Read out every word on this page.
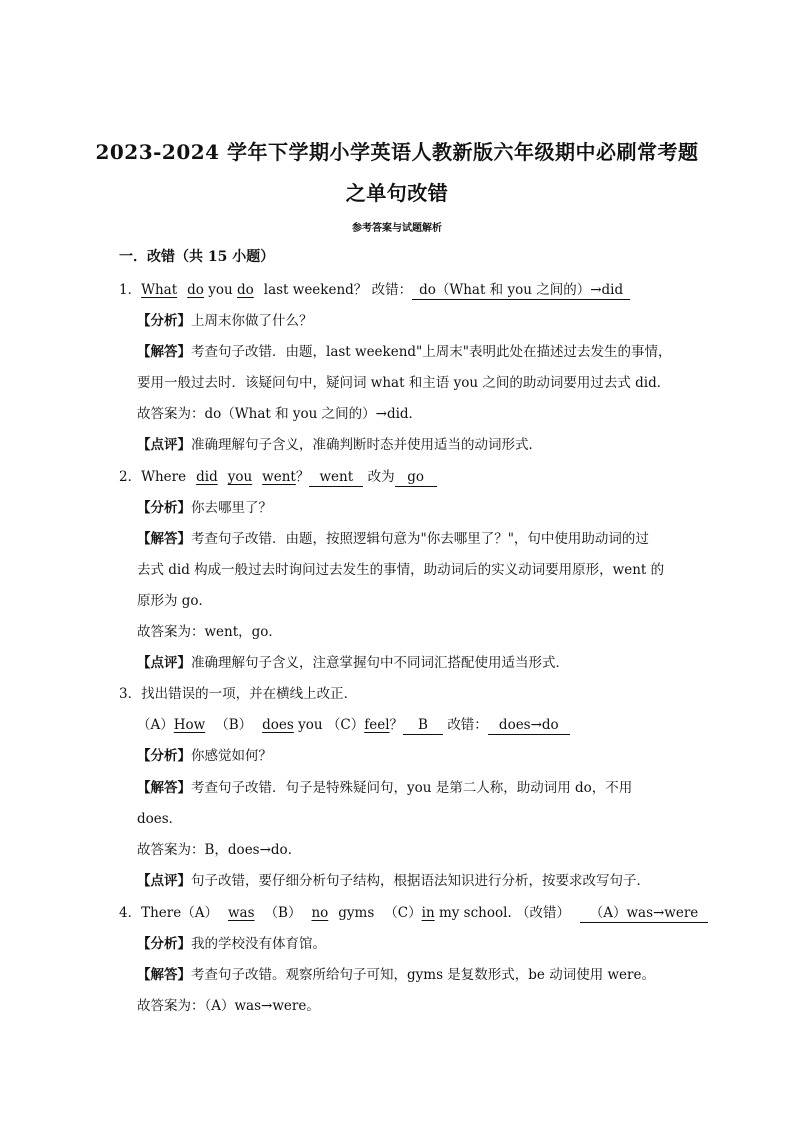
2023-2024 学年下学期小学英语人教新版六年级期中必刷常考题
之单句改错
参考答案与试题解析
一．改错（共 15 小题）
1．What do you do last weekend？ 改错： do（What 和 you 之间的）→did
【分析】上周末你做了什么？
【解答】考查句子改错．由题，last weekend"上周末"表明此处在描述过去发生的事情，
要用一般过去时．该疑问句中，疑问词 what 和主语 you 之间的助动词要用过去式 did．
故答案为：do（What 和 you 之间的）→did．
【点评】准确理解句子含义，准确判断时态并使用适当的动词形式．
2．Where did you went？ went 改为 go
【分析】你去哪里了？
【解答】考查句子改错．由题，按照逻辑句意为"你去哪里了？"，句中使用助动词的过
去式 did 构成一般过去时询问过去发生的事情，助动词后的实义动词要用原形，went 的
原形为 go．
故答案为：went，go．
【点评】准确理解句子含义，注意掌握句中不同词汇搭配使用适当形式．
3．找出错误的一项，并在横线上改正．
（A）How （B） does you （C）feel？ B 改错： does→do
【分析】你感觉如何？
【解答】考查句子改错．句子是特殊疑问句，you 是第二人称，助动词用 do，不用
does．
故答案为：B，does→do．
【点评】句子改错，要仔细分析句子结构，根据语法知识进行分析，按要求改写句子．
4．There（A） was （B） no gyms （C）in my school. （改错） （A）was→were
【分析】我的学校没有体育馆。
【解答】考查句子改错。观察所给句子可知，gyms 是复数形式，be 动词使用 were。
故答案为：（A）was→were。
